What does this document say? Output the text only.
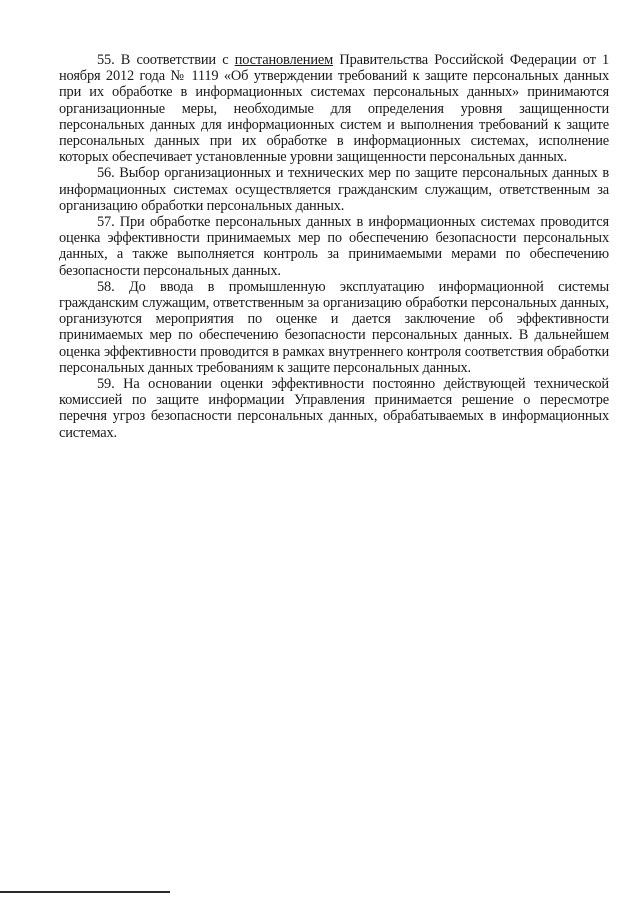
55. В соответствии с постановлением Правительства Российской Федерации от 1 ноября 2012 года № 1119 «Об утверждении требований к защите персональных данных при их обработке в информационных системах персональных данных» принимаются организационные меры, необходимые для определения уровня защищенности персональных данных для информационных систем и выполнения требований к защите персональных данных при их обработке в информационных системах, исполнение которых обеспечивает установленные уровни защищенности персональных данных.

56. Выбор организационных и технических мер по защите персональных данных в информационных системах осуществляется гражданским служащим, ответственным за организацию обработки персональных данных.

57. При обработке персональных данных в информационных системах проводится оценка эффективности принимаемых мер по обеспечению безопасности персональных данных, а также выполняется контроль за принимаемыми мерами по обеспечению безопасности персональных данных.

58. До ввода в промышленную эксплуатацию информационной системы гражданским служащим, ответственным за организацию обработки персональных данных, организуются мероприятия по оценке и дается заключение об эффективности принимаемых мер по обеспечению безопасности персональных данных. В дальнейшем оценка эффективности проводится в рамках внутреннего контроля соответствия обработки персональных данных требованиям к защите персональных данных.

59. На основании оценки эффективности постоянно действующей технической комиссией по защите информации Управления принимается решение о пересмотре перечня угроз безопасности персональных данных, обрабатываемых в информационных системах.
